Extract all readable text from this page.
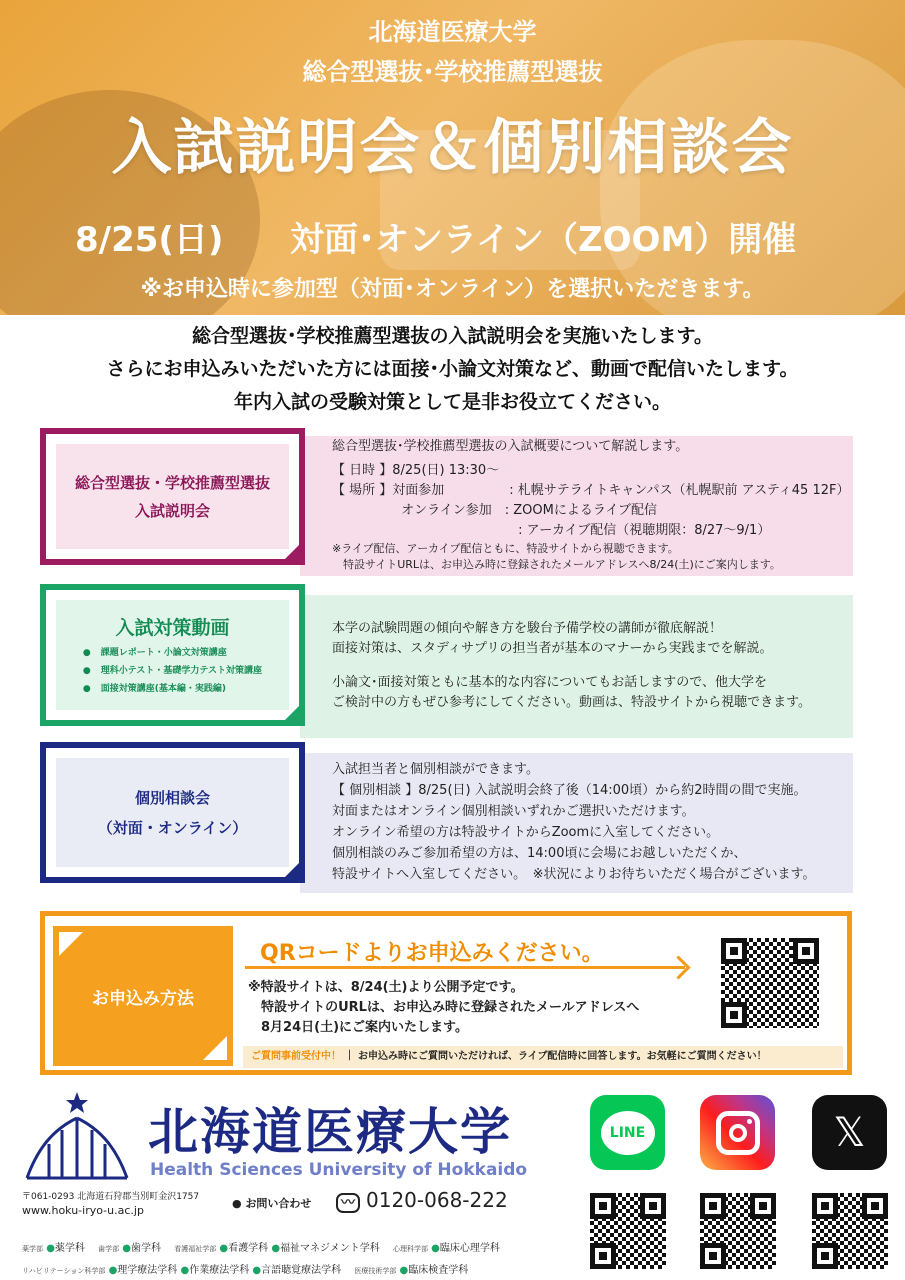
北海道医療大学
総合型選抜･学校推薦型選抜
入試説明会＆個別相談会
8/25(日) 対面･オンライン（ZOOM）開催
※お申込時に参加型（対面･オンライン）を選択いただきます。
総合型選抜･学校推薦型選抜の入試説明会を実施いたします。
さらにお申込みいただいた方には面接･小論文対策など、動画で配信いたします。
年内入試の受験対策として是非お役立てください。
総合型選抜・学校推薦型選抜
入試説明会
総合型選抜･学校推薦型選抜の入試概要について解説します。
【 日時 】8/25(日) 13:30～
【 場所 】対面参加　　　　　: 札幌サテライトキャンパス（札幌駅前 アスティ45 12F）
　　　　　 オンライン参加　: ZOOMによるライブ配信
　　　　　　　　　　　　　　 : アーカイブ配信（視聴期限：8/27～9/1）
※ライブ配信、アーカイブ配信ともに、特設サイトから視聴できます。
　特設サイトURLは、お申込み時に登録されたメールアドレスへ8/24(土)にご案内します。
入試対策動画
● 課題レポート・小論文対策講座
● 理科小テスト・基礎学力テスト対策講座
● 面接対策講座(基本編・実践編)
本学の試験問題の傾向や解き方を駿台予備学校の講師が徹底解説！
面接対策は、スタディサプリの担当者が基本のマナーから実践までを解説。
小論文･面接対策ともに基本的な内容についてもお話しますので、他大学を
ご検討中の方もぜひ参考にしてください。動画は、特設サイトから視聴できます。
個別相談会
（対面・オンライン）
入試担当者と個別相談ができます。
【 個別相談 】8/25(日) 入試説明会終了後（14:00頃）から約2時間の間で実施。
対面またはオンライン個別相談いずれかご選択いただけます。
オンライン希望の方は特設サイトからZoomに入室してください。
個別相談のみご参加希望の方は、14:00頃に会場にお越しいただくか、
特設サイトへ入室してください。　※状況によりお待ちいただく場合がございます。
お申込み方法
QRコードよりお申込みください。
※特設サイトは、8/24(土)より公開予定です。
　特設サイトのURLは、お申込み時に登録されたメールアドレスへ
　8月24日(土)にご案内いたします。
ご質問事前受付中！ ｜ お申込み時にご質問いただければ、ライブ配信時に回答します。お気軽にご質問ください！
北海道医療大学
Health Sciences University of Hokkaido
〒061-0293 北海道石狩郡当別町金沢1757
www.hoku-iryo-u.ac.jp
● お問い合わせ	〰 0120-068-222
薬学部 ●薬学科　 歯学部 ●歯学科　 看護福祉学部 ●看護学科 ●福祉マネジメント学科　 心理科学部 ●臨床心理学科
リハビリテーション科学部 ●理学療法学科 ●作業療法学科 ●言語聴覚療法学科　 医療技術学部 ●臨床検査学科
LINE	𝕏
